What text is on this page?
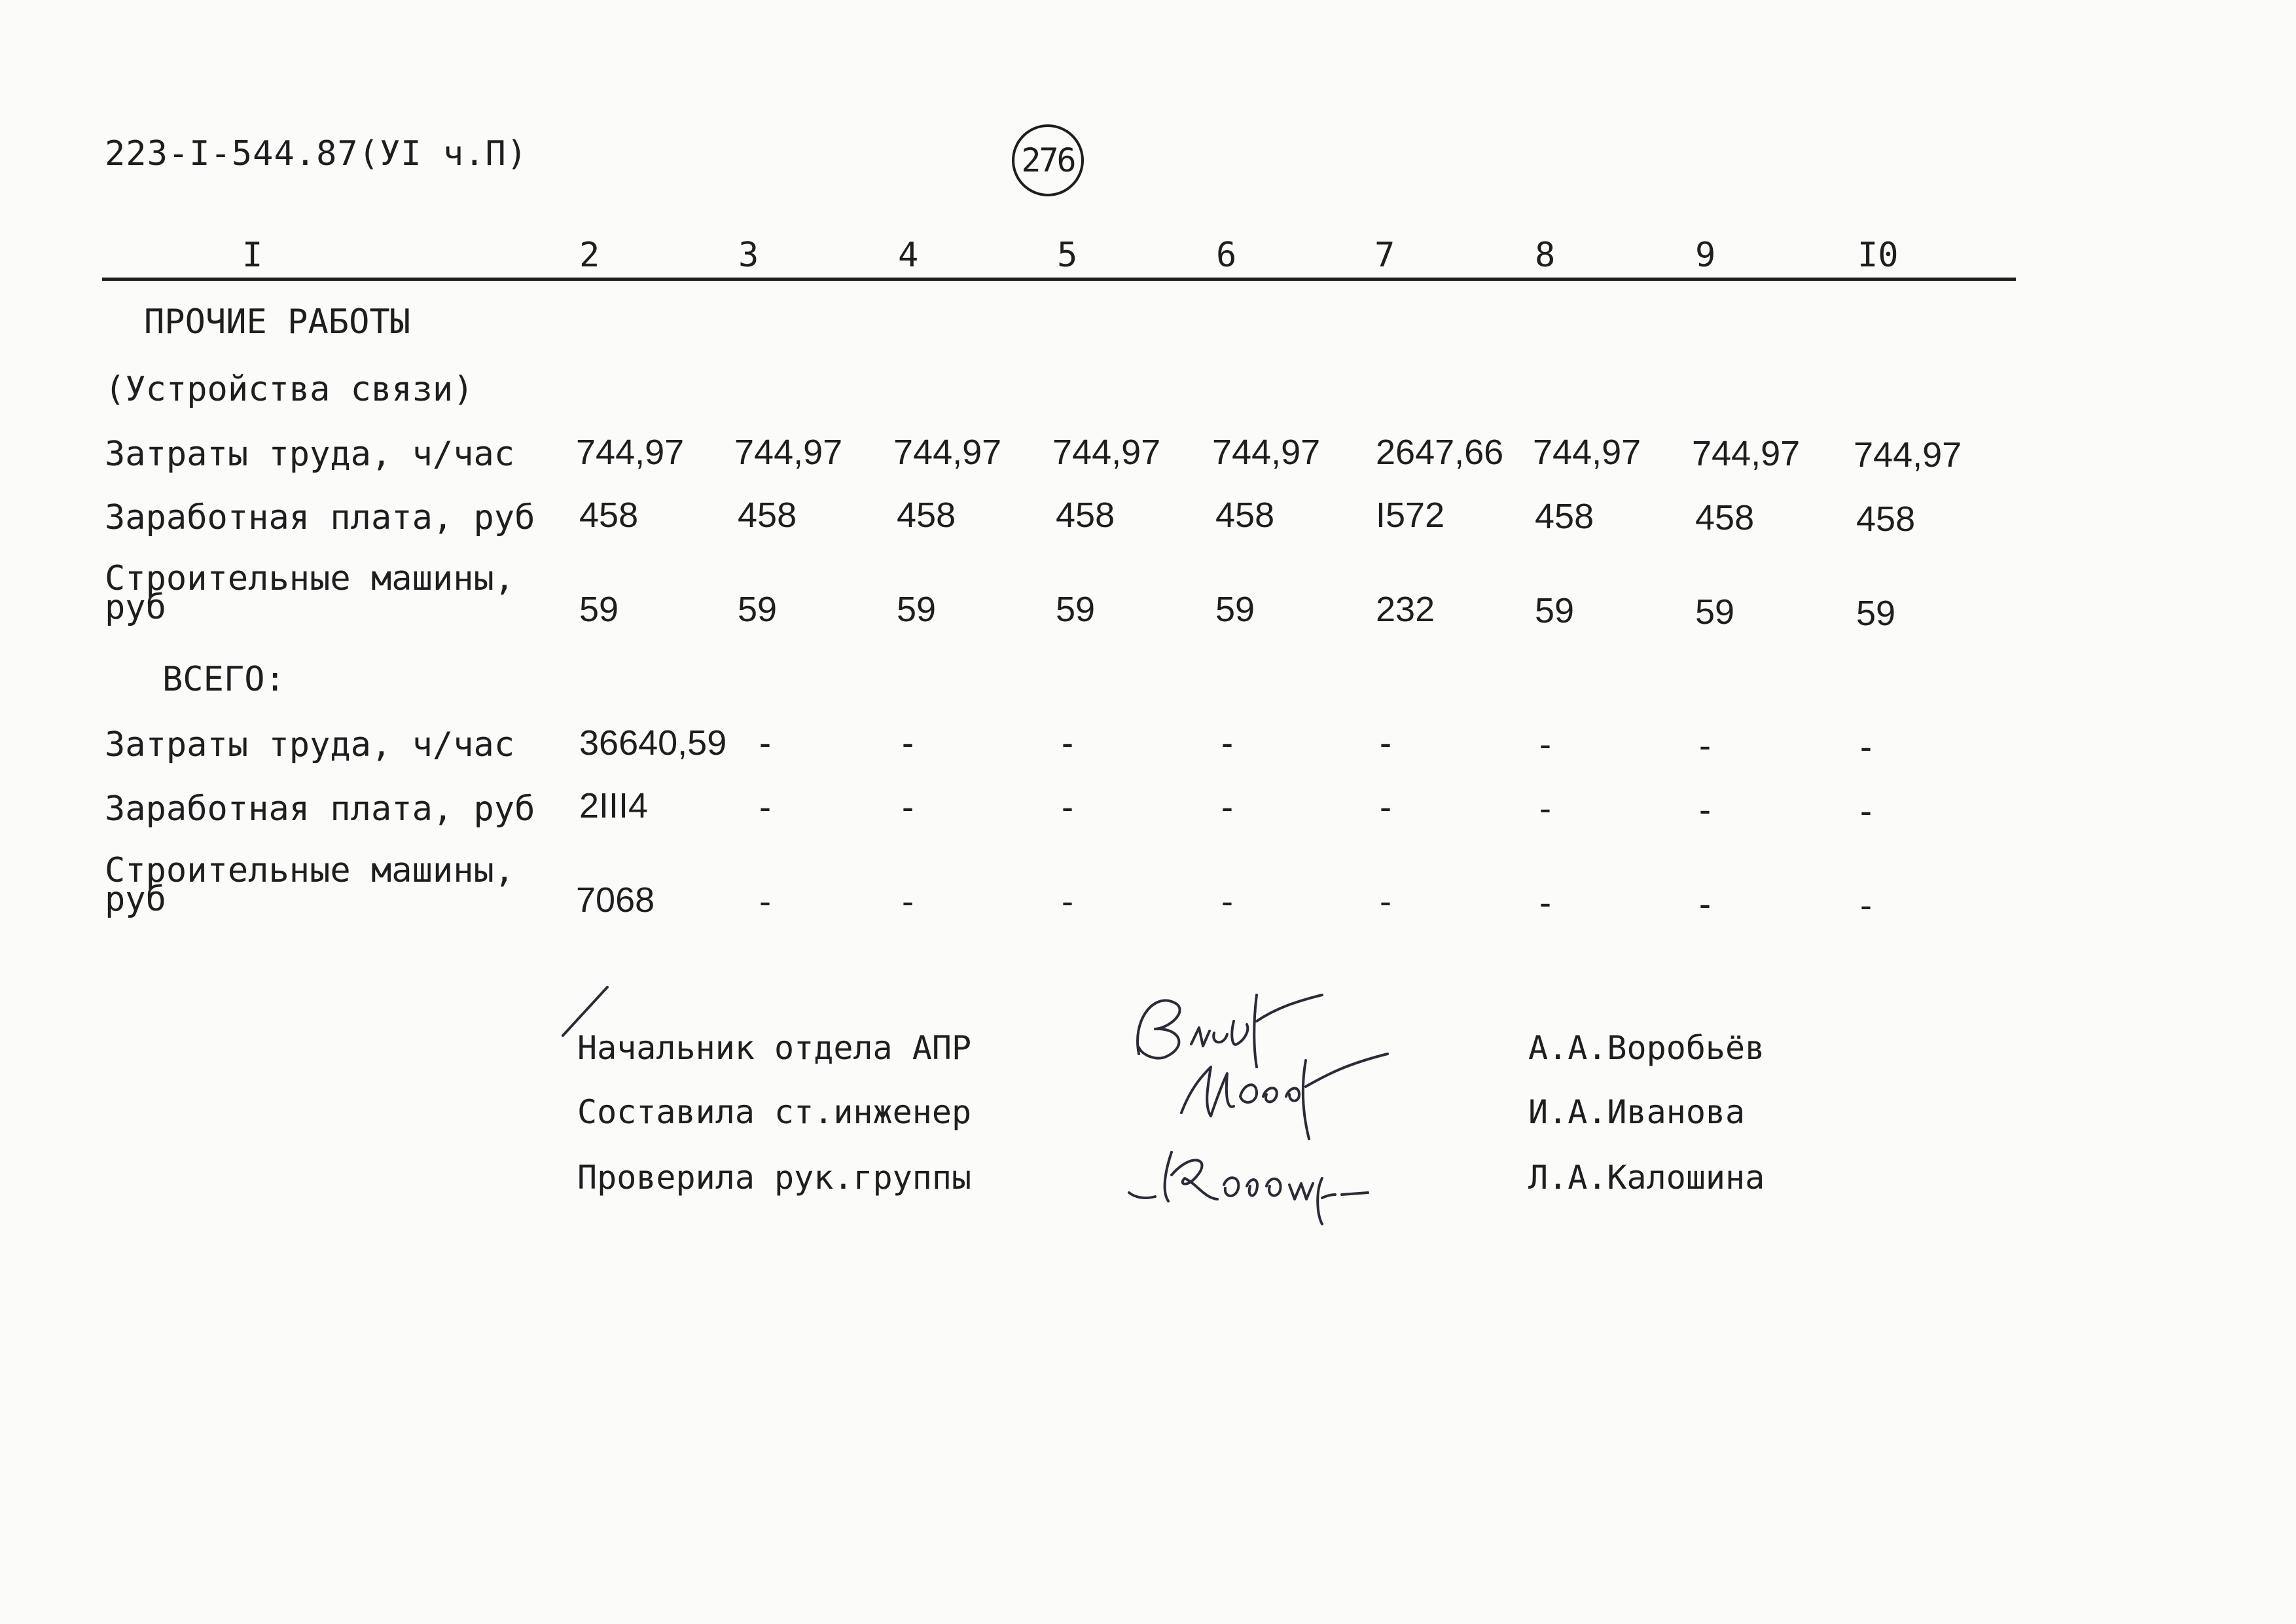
223-I-544.87(УI ч.П)	276
I	2	3	4	5	6	7	8	9	I0
ПРОЧИЕ РАБОТЫ
(Устройства связи)
Затраты труда, ч/час 744,97 744,97 744,97 744,97 744,97 2647,66 744,97 744,97 744,97
Заработная плата, руб 458	458	458	458	458	I572	458	458	458
Строительные машины,
руб	59	59	59	59	59	232	59	59	59
ВСЕГО:
Затраты труда, ч/час 36640,59 -	-	-	-	-	-	-	-
Заработная плата, руб 2III4	-	-	-	-	-	-	-	-
Строительные машины,
руб	7068	-	-	-	-	-	-	-	-
Начальник отдела АПР
Составила ст.инженер
Проверила рук.группы
А.А.Воробьёв
И.А.Иванова
Л.А.Калошина
